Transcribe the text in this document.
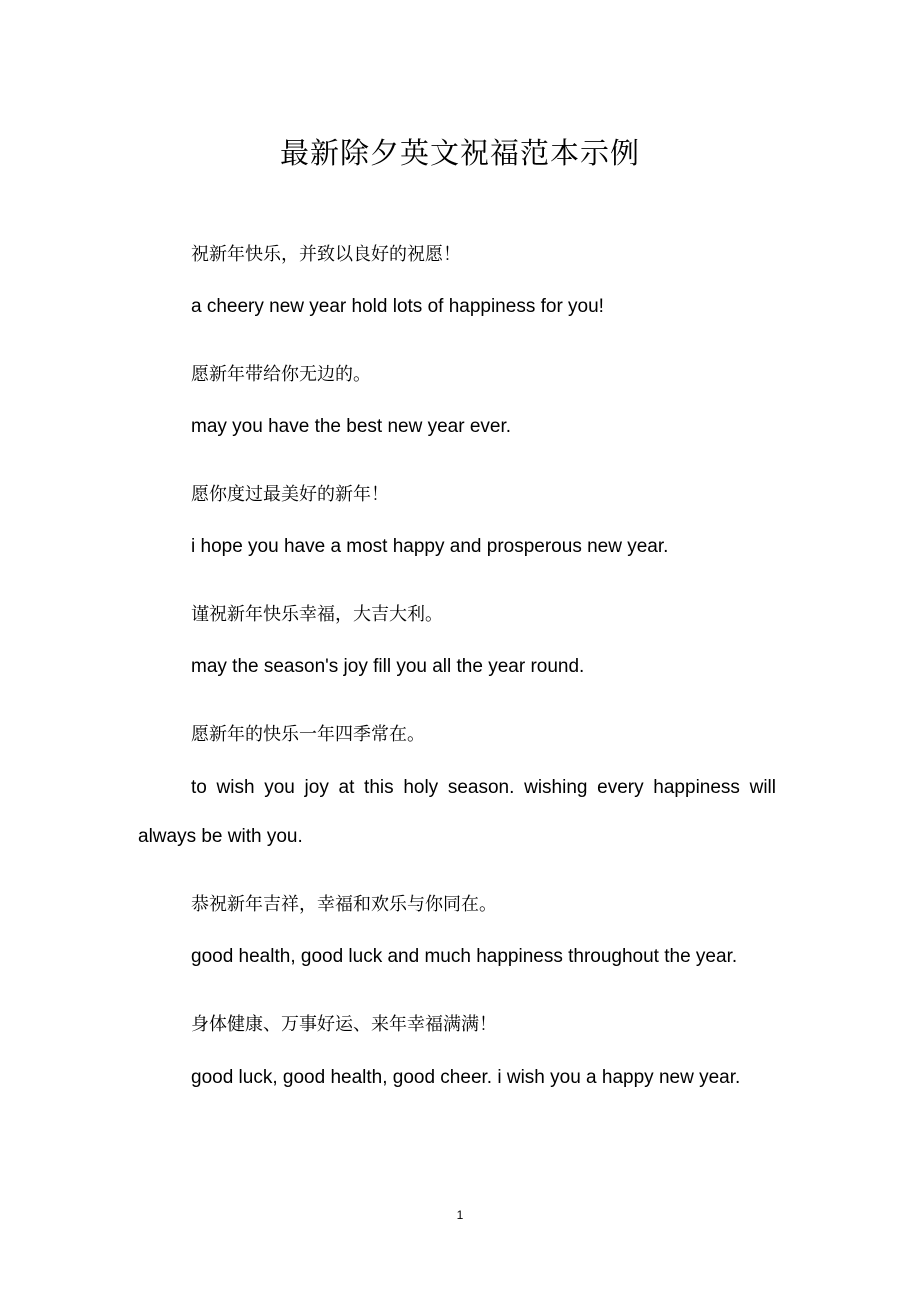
最新除夕英文祝福范本示例
祝新年快乐，并致以良好的祝愿！
a cheery new year hold lots of happiness for you!
愿新年带给你无边的。
may you have the best new year ever.
愿你度过最美好的新年！
i hope you have a most happy and prosperous new year.
谨祝新年快乐幸福，大吉大利。
may the season's joy fill you all the year round.
愿新年的快乐一年四季常在。
to wish you joy at this holy season. wishing every happiness will always be with you.
恭祝新年吉祥，幸福和欢乐与你同在。
good health, good luck and much happiness throughout the year.
身体健康、万事好运、来年幸福满满！
good luck, good health, good cheer. i wish you a happy new year.
1
